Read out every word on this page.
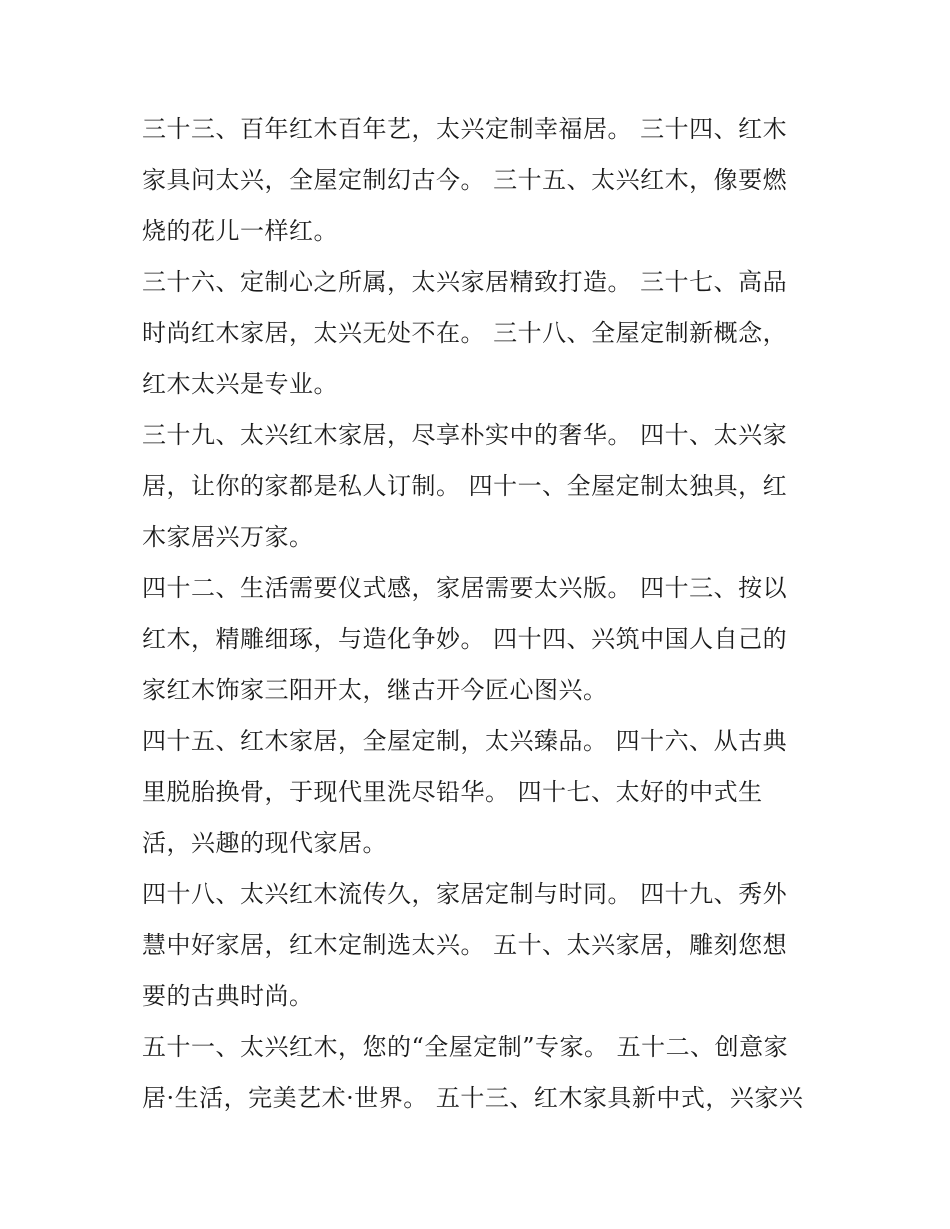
三十三、百年红木百年艺，太兴定制幸福居。 三十四、红木
家具问太兴，全屋定制幻古今。 三十五、太兴红木，像要燃
烧的花儿一样红。
三十六、定制心之所属，太兴家居精致打造。 三十七、高品
时尚红木家居，太兴无处不在。 三十八、全屋定制新概念，
红木太兴是专业。
三十九、太兴红木家居，尽享朴实中的奢华。 四十、太兴家
居，让你的家都是私人订制。 四十一、全屋定制太独具，红
木家居兴万家。
四十二、生活需要仪式感，家居需要太兴版。 四十三、按以
红木，精雕细琢，与造化争妙。 四十四、兴筑中国人自己的
家红木饰家三阳开太，继古开今匠心图兴。
四十五、红木家居，全屋定制，太兴臻品。 四十六、从古典
里脱胎换骨，于现代里洗尽铅华。 四十七、太好的中式生
活，兴趣的现代家居。
四十八、太兴红木流传久，家居定制与时同。 四十九、秀外
慧中好家居，红木定制选太兴。 五十、太兴家居，雕刻您想
要的古典时尚。
五十一、太兴红木，您的“全屋定制”专家。 五十二、创意家
居·生活，完美艺术·世界。 五十三、红木家具新中式，兴家兴
